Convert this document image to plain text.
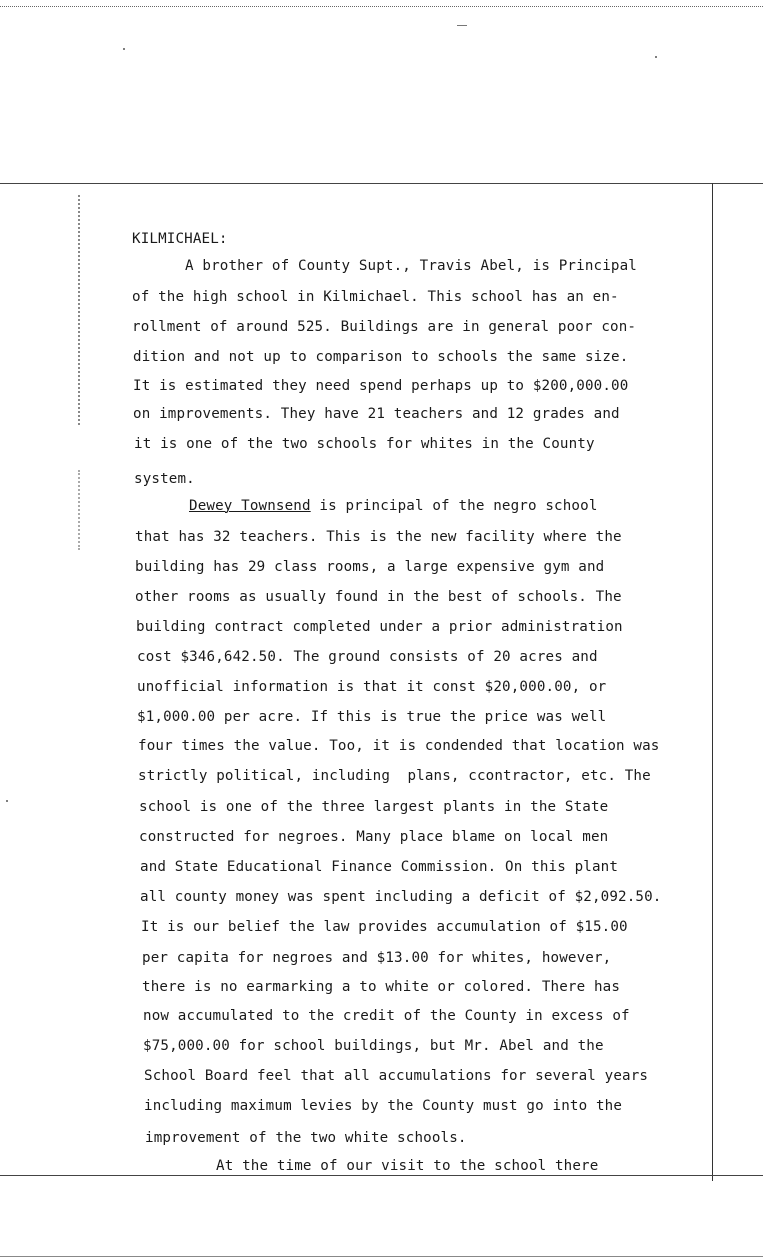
KILMICHAEL:
A brother of County Supt., Travis Abel, is Principal
of the high school in Kilmichael. This school has an en-
rollment of around 525. Buildings are in general poor con-
dition and not up to comparison to schools the same size.
It is estimated they need spend perhaps up to $200,000.00
on improvements. They have 21 teachers and 12 grades and
it is one of the two schools for whites in the County
system.
Dewey Townsend is principal of the negro school
that has 32 teachers. This is the new facility where the
building has 29 class rooms, a large expensive gym and
other rooms as usually found in the best of schools. The
building contract completed under a prior administration
cost $346,642.50. The ground consists of 20 acres and
unofficial information is that it const $20,000.00, or
$1,000.00 per acre. If this is true the price was well
four times the value. Too, it is condended that location was
strictly political, including  plans, ccontractor, etc. The
school is one of the three largest plants in the State
constructed for negroes. Many place blame on local men
and State Educational Finance Commission. On this plant
all county money was spent including a deficit of $2,092.50.
It is our belief the law provides accumulation of $15.00
per capita for negroes and $13.00 for whites, however,
there is no earmarking a to white or colored. There has
now accumulated to the credit of the County in excess of
$75,000.00 for school buildings, but Mr. Abel and the
School Board feel that all accumulations for several years
including maximum levies by the County must go into the
improvement of the two white schools.
At the time of our visit to the school there
